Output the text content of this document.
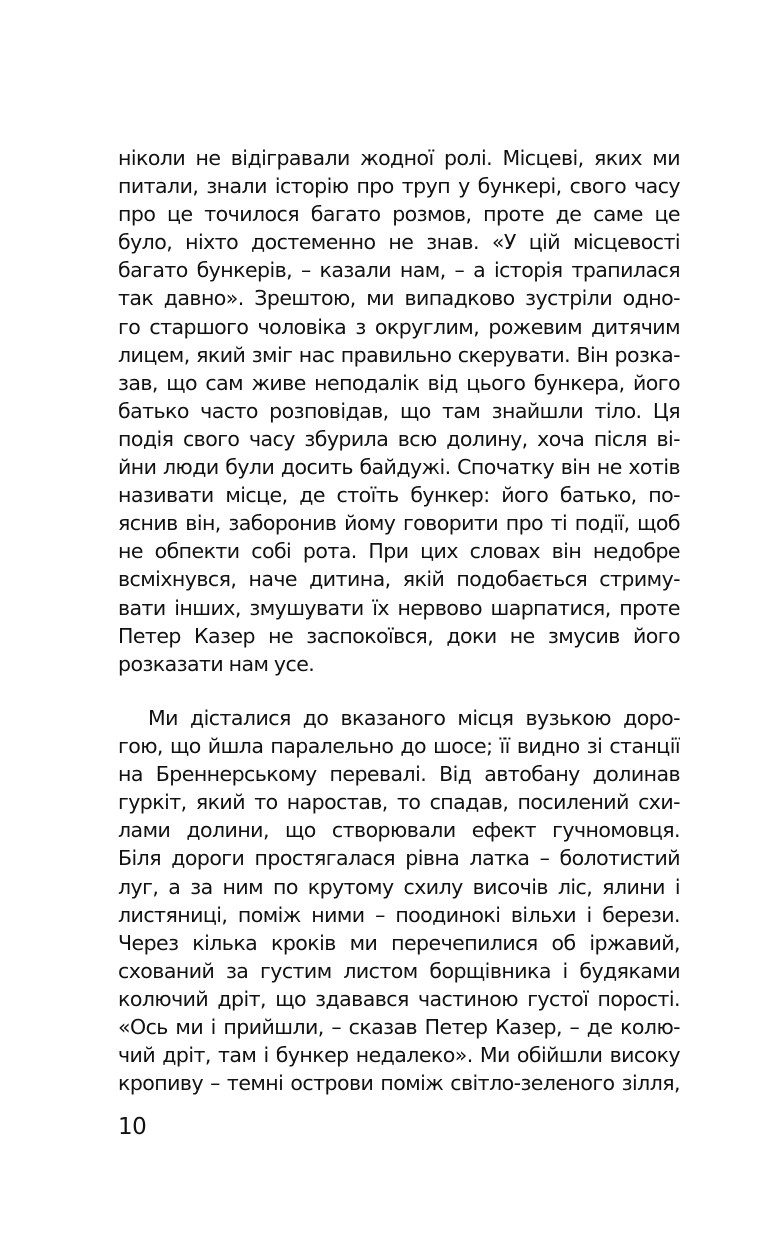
ніколи не відігравали жодної ролі. Місцеві, яких ми
питали, знали історію про труп у бункері, свого часу
про це точилося багато розмов, проте де саме це
було, ніхто достеменно не знав. «У цій місцевості
багато бункерів, – казали нам, – а історія трапилася
так давно». Зрештою, ми випадково зустріли одно-
го старшого чоловіка з округлим, рожевим дитячим
лицем, який зміг нас правильно скерувати. Він розка-
зав, що сам живе неподалік від цього бункера, його
батько часто розповідав, що там знайшли тіло. Ця
подія свого часу збурила всю долину, хоча після ві-
йни люди були досить байдужі. Спочатку він не хотів
називати місце, де стоїть бункер: його батько, по-
яснив він, заборонив йому говорити про ті події, щоб
не обпекти собі рота. При цих словах він недобре
всміхнувся, наче дитина, якій подобається стриму-
вати інших, змушувати їх нервово шарпатися, проте
Петер Казер не заспокоївся, доки не змусив його
розказати нам усе.
Ми дісталися до вказаного місця вузькою доро-
гою, що йшла паралельно до шосе; її видно зі станції
на Бреннерському перевалі. Від автобану долинав
гуркіт, який то наростав, то спадав, посилений схи-
лами долини, що створювали ефект гучномовця.
Біля дороги простягалася рівна латка – болотистий
луг, а за ним по крутому схилу височів ліс, ялини і
листяниці, поміж ними – поодинокі вільхи і берези.
Через кілька кроків ми перечепилися об іржавий,
схований за густим листом борщівника і будяками
колючий дріт, що здавався частиною густої порості.
«Ось ми і прийшли, – сказав Петер Казер, – де колю-
чий дріт, там і бункер недалеко». Ми обійшли високу
кропиву – темні острови поміж світло-зеленого зілля,
10
